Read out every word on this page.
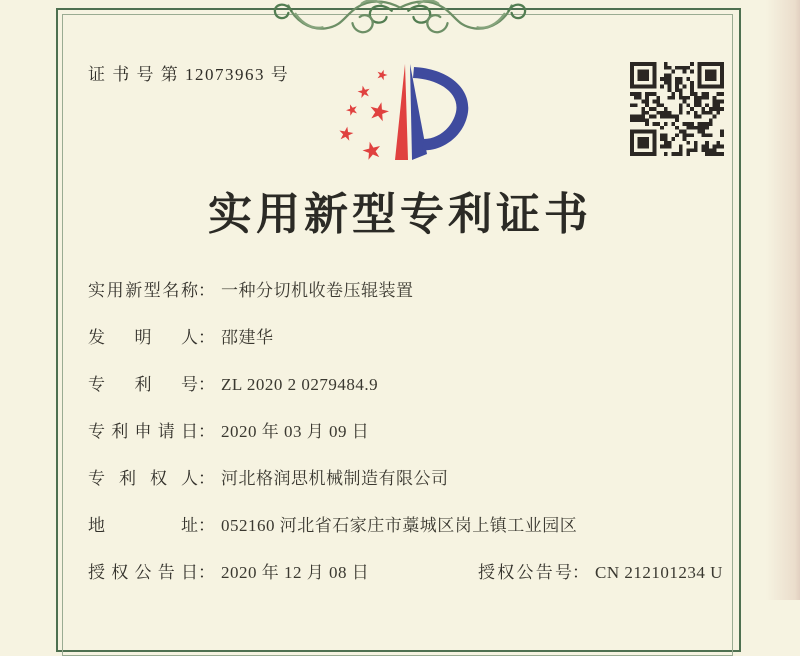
证 书 号 第 12073963 号
实用新型专利证书
实用新型名称： 一种分切机收卷压辊装置
发明人： 邵建华
专利号： ZL 2020 2 0279484.9
专利申请日： 2020 年 03 月 09 日
专利权人： 河北格润思机械制造有限公司
地址： 052160 河北省石家庄市藁城区岗上镇工业园区
授权公告日： 2020 年 12 月 08 日	授权公告号： CN 212101234 U
